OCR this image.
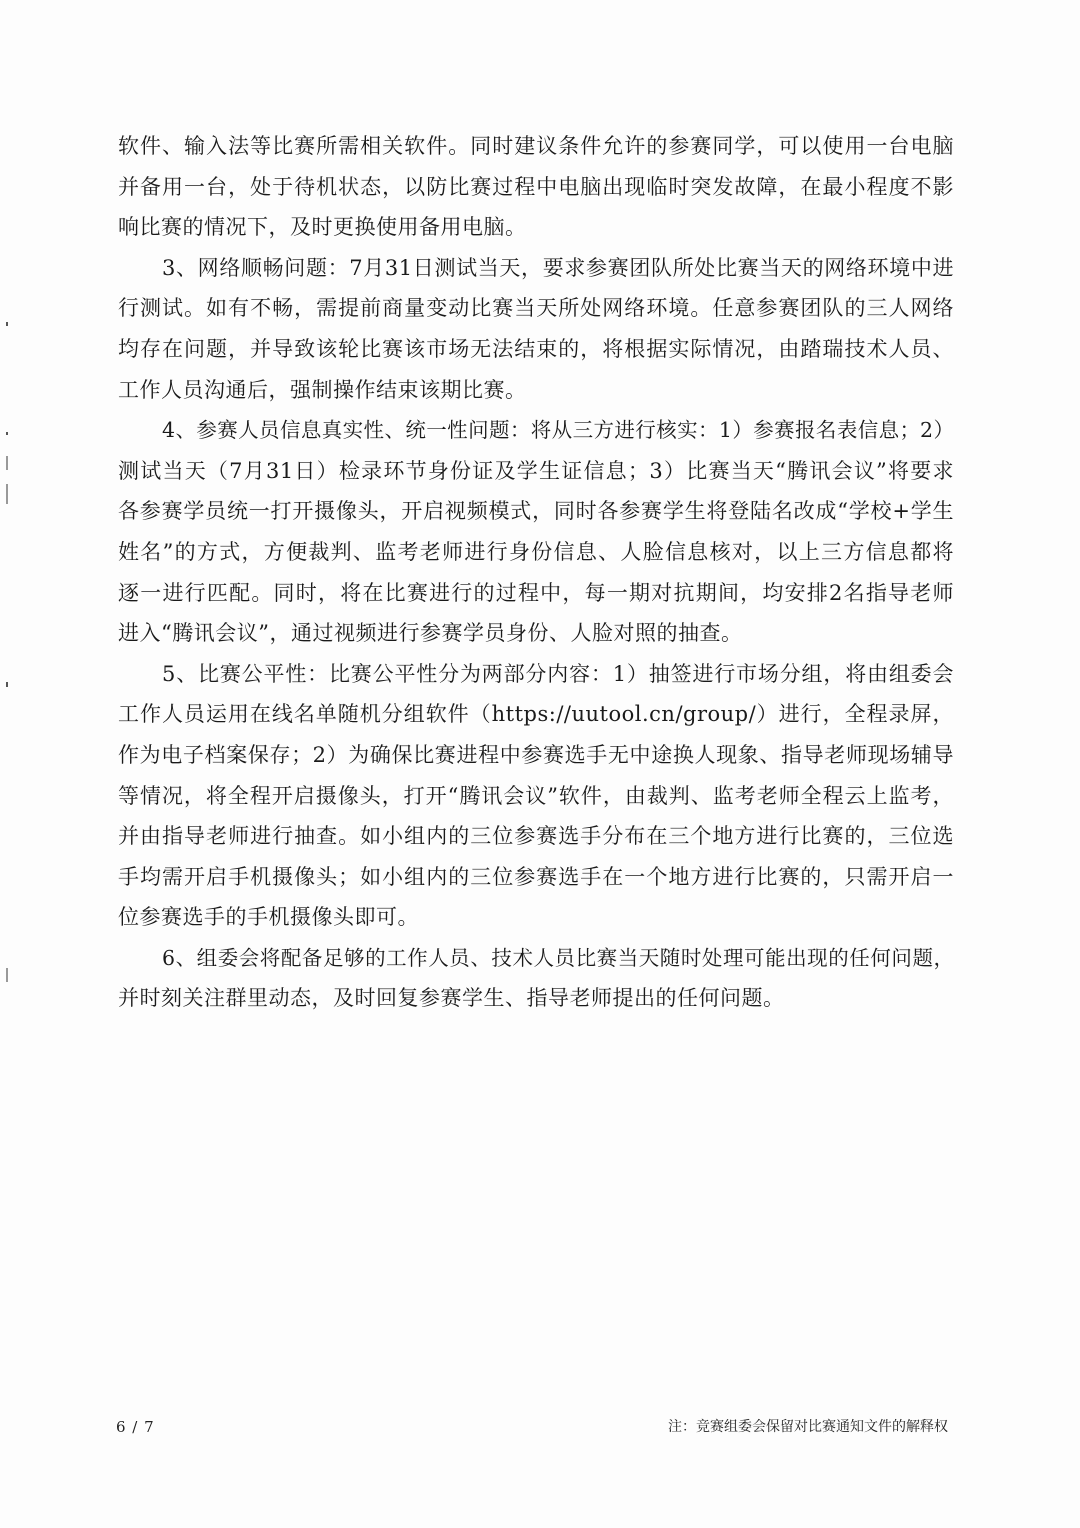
软件、输入法等比赛所需相关软件。同时建议条件允许的参赛同学，可以使用一台电脑
并备用一台，处于待机状态，以防比赛过程中电脑出现临时突发故障，在最小程度不影
响比赛的情况下，及时更换使用备用电脑。
3、网络顺畅问题：7月31日测试当天，要求参赛团队所处比赛当天的网络环境中进
行测试。如有不畅，需提前商量变动比赛当天所处网络环境。任意参赛团队的三人网络
均存在问题，并导致该轮比赛该市场无法结束的，将根据实际情况，由踏瑞技术人员、
工作人员沟通后，强制操作结束该期比赛。
4、参赛人员信息真实性、统一性问题：将从三方进行核实：1）参赛报名表信息；2）
测试当天（7月31日）检录环节身份证及学生证信息；3）比赛当天“腾讯会议”将要求
各参赛学员统一打开摄像头，开启视频模式，同时各参赛学生将登陆名改成“学校+学生
姓名”的方式，方便裁判、监考老师进行身份信息、人脸信息核对，以上三方信息都将
逐一进行匹配。同时，将在比赛进行的过程中，每一期对抗期间，均安排2名指导老师
进入“腾讯会议”，通过视频进行参赛学员身份、人脸对照的抽查。
5、比赛公平性：比赛公平性分为两部分内容：1）抽签进行市场分组，将由组委会
工作人员运用在线名单随机分组软件（https://uutool.cn/group/）进行，全程录屏，
作为电子档案保存；2）为确保比赛进程中参赛选手无中途换人现象、指导老师现场辅导
等情况，将全程开启摄像头，打开“腾讯会议”软件，由裁判、监考老师全程云上监考，
并由指导老师进行抽查。如小组内的三位参赛选手分布在三个地方进行比赛的，三位选
手均需开启手机摄像头；如小组内的三位参赛选手在一个地方进行比赛的，只需开启一
位参赛选手的手机摄像头即可。
6、组委会将配备足够的工作人员、技术人员比赛当天随时处理可能出现的任何问题，
并时刻关注群里动态，及时回复参赛学生、指导老师提出的任何问题。
6 / 7	注：竞赛组委会保留对比赛通知文件的解释权
